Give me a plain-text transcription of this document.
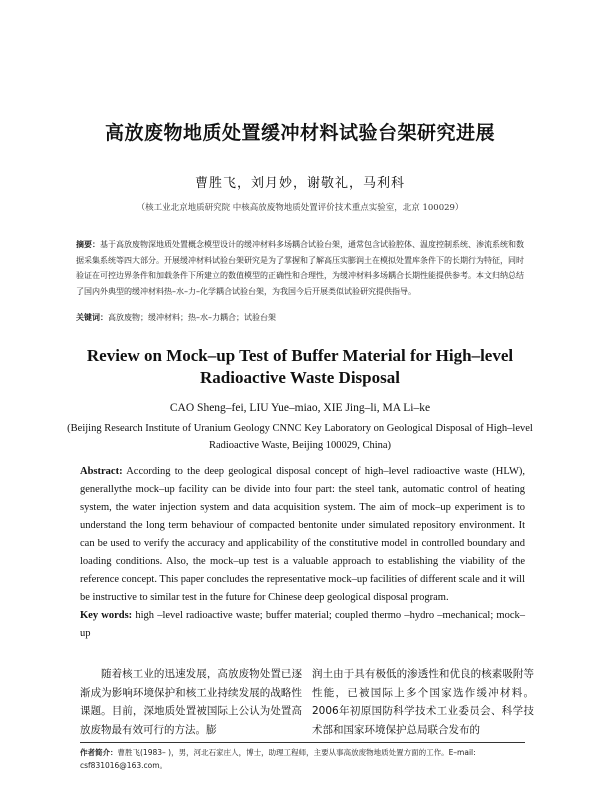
高放废物地质处置缓冲材料试验台架研究进展
曹胜飞，刘月妙，谢敬礼，马利科
（核工业北京地质研究院 中核高放废物地质处置评价技术重点实验室，北京 100029）
摘要：基于高放废物深地质处置概念模型设计的缓冲材料多场耦合试验台架，通常包含试验腔体、温度控制系统、渗流系统和数据采集系统等四大部分。开展缓冲材料试验台架研究是为了掌握和了解高压实膨润土在模拟处置库条件下的长期行为特征，同时验证在可控边界条件和加载条件下所建立的数值模型的正确性和合理性，为缓冲材料多场耦合长期性能提供参考。本文归纳总结了国内外典型的缓冲材料热–水–力–化学耦合试验台架，为我国今后开展类似试验研究提供指导。
关键词：高放废物；缓冲材料；热–水–力耦合；试验台架
Review on Mock–up Test of Buffer Material for High–level Radioactive Waste Disposal
CAO Sheng–fei, LIU Yue–miao, XIE Jing–li, MA Li–ke
(Beijing Research Institute of Uranium Geology CNNC Key Laboratory on Geological Disposal of High–level Radioactive Waste, Beijing 100029, China)
Abstract: According to the deep geological disposal concept of high–level radioactive waste (HLW), generallythe mock–up facility can be divide into four part: the steel tank, automatic control of heating system, the water injection system and data acquisition system. The aim of mock–up experiment is to understand the long term behaviour of compacted bentonite under simulated repository environment. It can be used to verify the accuracy and applicability of the constitutive model in controlled boundary and loading conditions. Also, the mock–up test is a valuable approach to establishing the viability of the reference concept. This paper concludes the representative mock–up facilities of different scale and it will be instructive to similar test in the future for Chinese deep geological disposal program.
Key words: high –level radioactive waste; buffer material; coupled thermo –hydro –mechanical; mock–up
随着核工业的迅速发展，高放废物处置已逐渐成为影响环境保护和核工业持续发展的战略性课题。目前，深地质处置被国际上公认为处置高放废物最有效可行的方法。膨
润土由于具有极低的渗透性和优良的核素吸附等性能，已被国际上多个国家选作缓冲材料。2006年初原国防科学技术工业委员会、科学技术部和国家环境保护总局联合发布的
作者简介：曹胜飞(1983– )，男，河北石家庄人，博士，助理工程师，主要从事高放废物地质处置方面的工作。E–mail: csf831016@163.com。
